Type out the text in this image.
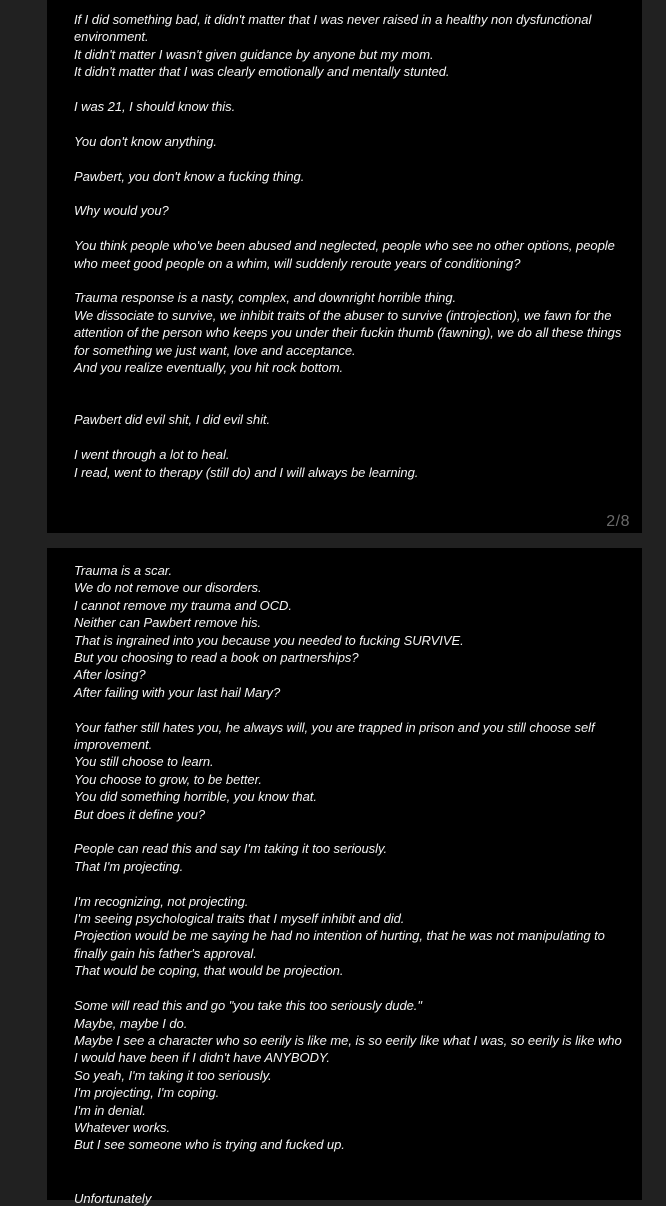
If I did something bad, it didn't matter that I was never raised in a healthy non dysfunctional environment.
It didn't matter I wasn't given guidance by anyone but my mom.
It didn't matter that I was clearly emotionally and mentally stunted.

I was 21, I should know this.

You don't know anything.

Pawbert, you don't know a fucking thing.

Why would you?

You think people who've been abused and neglected, people who see no other options, people who meet good people on a whim, will suddenly reroute years of conditioning?

Trauma response is a nasty, complex, and downright horrible thing.
We dissociate to survive, we inhibit traits of the abuser to survive (introjection), we fawn for the attention of the person who keeps you under their fuckin thumb (fawning), we do all these things for something we just want, love and acceptance.
And you realize eventually, you hit rock bottom.

Pawbert did evil shit, I did evil shit.

I went through a lot to heal.
I read, went to therapy (still do) and I will always be learning.

2/8

Trauma is a scar.
We do not remove our disorders.
I cannot remove my trauma and OCD.
Neither can Pawbert remove his.
That is ingrained into you because you needed to fucking SURVIVE.
But you choosing to read a book on partnerships?
After losing?
After failing with your last hail Mary?

Your father still hates you, he always will, you are trapped in prison and you still choose self improvement.
You still choose to learn.
You choose to grow, to be better.
You did something horrible, you know that.
But does it define you?

People can read this and say I'm taking it too seriously.
That I'm projecting.

I'm recognizing, not projecting.
I'm seeing psychological traits that I myself inhibit and did.
Projection would be me saying he had no intention of hurting, that he was not manipulating to finally gain his father's approval.
That would be coping, that would be projection.

Some will read this and go "you take this too seriously dude."
Maybe, maybe I do.
Maybe I see a character who so eerily is like me, is so eerily like what I was, so eerily is like who I would have been if I didn't have ANYBODY.
So yeah, I'm taking it too seriously.
I'm projecting, I'm coping.
I'm in denial.
Whatever works.
But I see someone who is trying and fucked up.

Unfortunately
